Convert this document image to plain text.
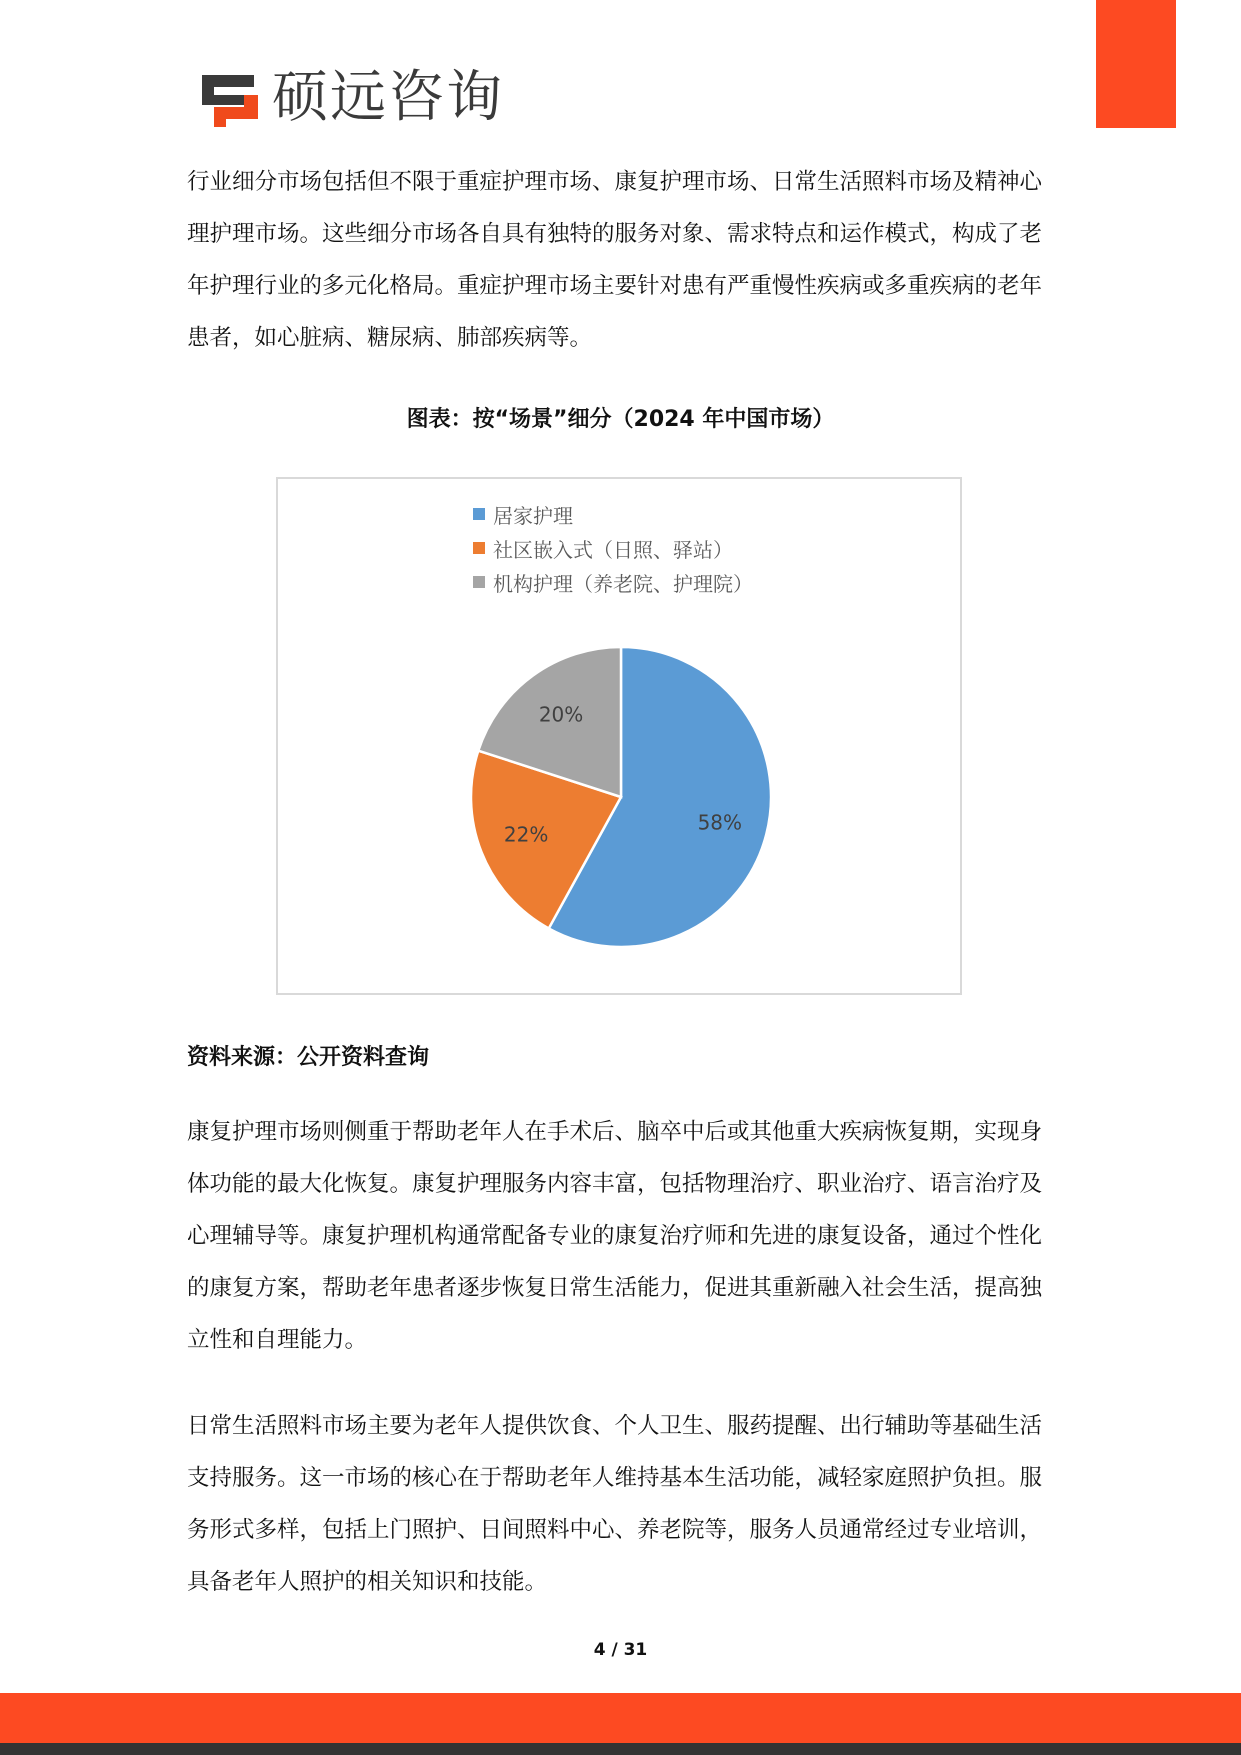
硕远咨询
行业细分市场包括但不限于重症护理市场、康复护理市场、日常生活照料市场及精神心理护理市场。这些细分市场各自具有独特的服务对象、需求特点和运作模式，构成了老年护理行业的多元化格局。重症护理市场主要针对患有严重慢性疾病或多重疾病的老年患者，如心脏病、糖尿病、肺部疾病等。
图表：按“场景”细分（2024 年中国市场）
居家护理
社区嵌入式（日照、驿站）
机构护理（养老院、护理院）
58%
22%
20%
资料来源：公开资料查询
康复护理市场则侧重于帮助老年人在手术后、脑卒中后或其他重大疾病恢复期，实现身体功能的最大化恢复。康复护理服务内容丰富，包括物理治疗、职业治疗、语言治疗及心理辅导等。康复护理机构通常配备专业的康复治疗师和先进的康复设备，通过个性化的康复方案，帮助老年患者逐步恢复日常生活能力，促进其重新融入社会生活，提高独立性和自理能力。
日常生活照料市场主要为老年人提供饮食、个人卫生、服药提醒、出行辅助等基础生活支持服务。这一市场的核心在于帮助老年人维持基本生活功能，减轻家庭照护负担。服务形式多样，包括上门照护、日间照料中心、养老院等，服务人员通常经过专业培训，具备老年人照护的相关知识和技能。
4 / 31
